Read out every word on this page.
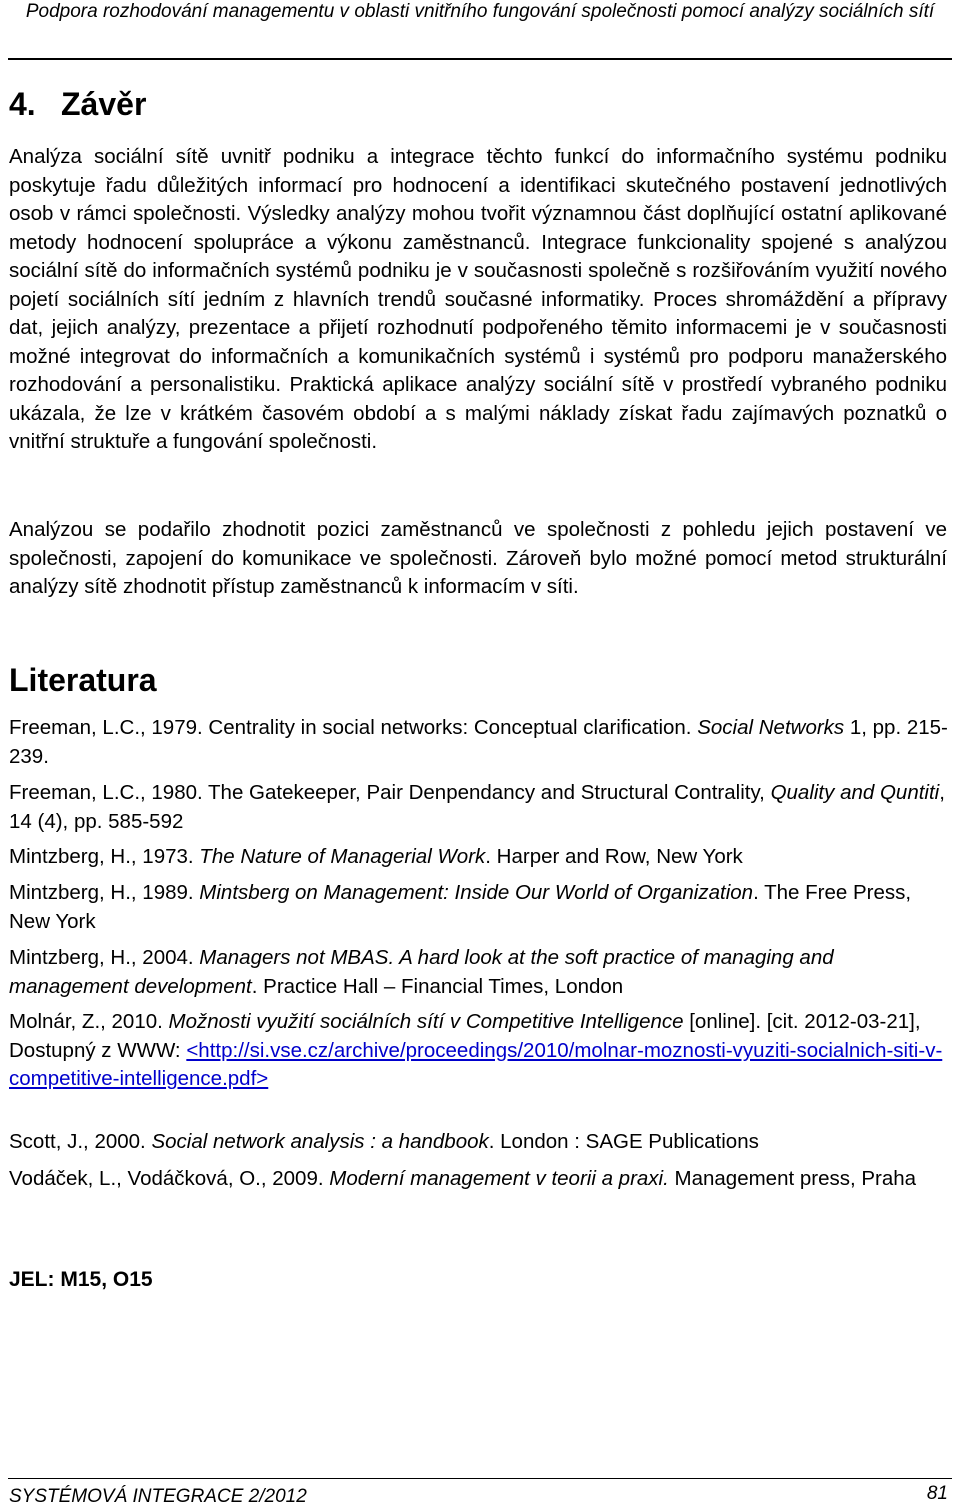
Podpora rozhodování managementu v oblasti vnitřního fungování společnosti pomocí analýzy sociálních sítí
4. Závěr

Analýza sociální sítě uvnitř podniku a integrace těchto funkcí do informačního systému podniku poskytuje řadu důležitých informací pro hodnocení a identifikaci skutečného postavení jednotlivých osob v rámci společnosti. Výsledky analýzy mohou tvořit významnou část doplňující ostatní aplikované metody hodnocení spolupráce a výkonu zaměstnanců. Integrace funkcionality spojené s analýzou sociální sítě do informačních systémů podniku je v současnosti společně s rozšiřováním využití nového pojetí sociálních sítí jedním z hlavních trendů současné informatiky. Proces shromáždění a přípravy dat, jejich analýzy, prezentace a přijetí rozhodnutí podpořeného těmito informacemi je v současnosti možné integrovat do informačních a komunikačních systémů i systémů pro podporu manažerského rozhodování a personalistiku. Praktická aplikace analýzy sociální sítě v prostředí vybraného podniku ukázala, že lze v krátkém časovém období a s malými náklady získat řadu zajímavých poznatků o vnitřní struktuře a fungování společnosti.

Analýzou se podařilo zhodnotit pozici zaměstnanců ve společnosti z pohledu jejich postavení ve společnosti, zapojení do komunikace ve společnosti. Zároveň bylo možné pomocí metod strukturální analýzy sítě zhodnotit přístup zaměstnanců k informacím v síti.

Literatura

Freeman, L.C., 1979. Centrality in social networks: Conceptual clarification. Social Networks 1, pp. 215-239.

Freeman, L.C., 1980. The Gatekeeper, Pair Denpendancy and Structural Contrality, Quality and Quntiti, 14 (4), pp. 585-592

Mintzberg, H., 1973. The Nature of Managerial Work. Harper and Row, New York

Mintzberg, H., 1989. Mintsberg on Management: Inside Our World of Organization. The Free Press, New York

Mintzberg, H., 2004. Managers not MBAS. A hard look at the soft practice of managing and management development. Practice Hall – Financial Times, London

Molnár, Z., 2010. Možnosti využití sociálních sítí v Competitive Intelligence [online]. [cit. 2012-03-21], Dostupný z WWW: <http://si.vse.cz/archive/proceedings/2010/molnar-moznosti-vyuziti-socialnich-siti-v-competitive-intelligence.pdf>

Scott, J., 2000. Social network analysis : a handbook. London : SAGE Publications

Vodáček, L., Vodáčková, O., 2009. Moderní management v teorii a praxi. Management press, Praha

JEL: M15, O15

SYSTÉMOVÁ INTEGRACE 2/2012	81
